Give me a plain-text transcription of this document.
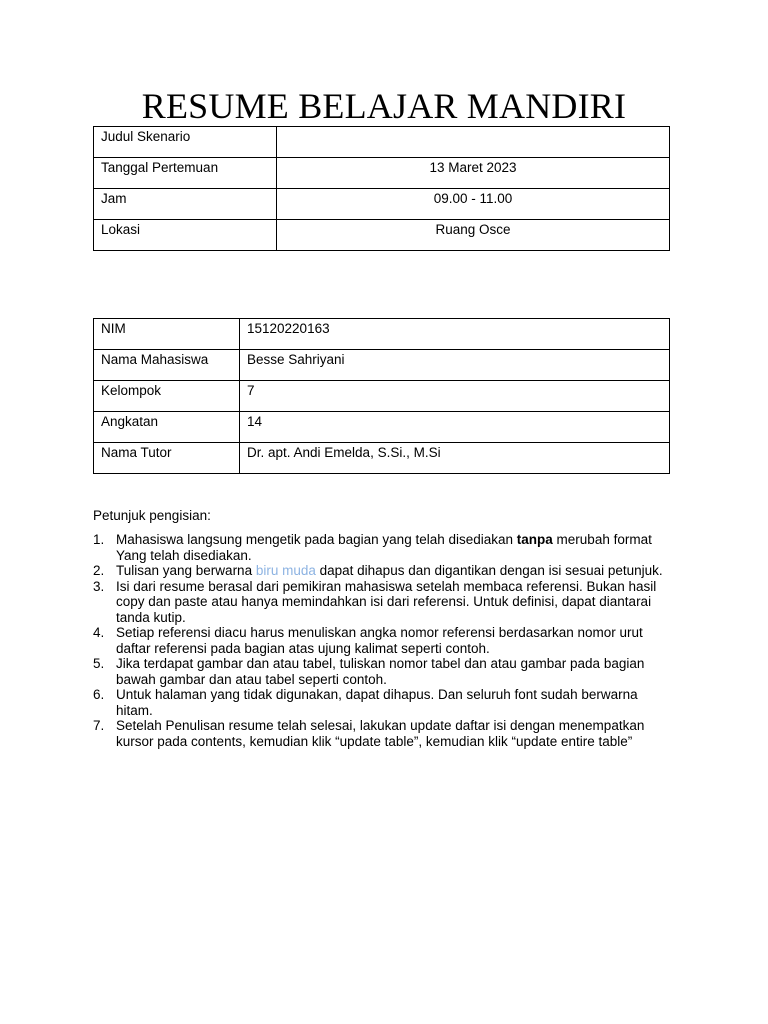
RESUME BELAJAR MANDIRI
Judul Skenario	
Tanggal Pertemuan	13 Maret 2023
Jam	09.00 - 11.00
Lokasi	Ruang Osce
NIM	15120220163
Nama Mahasiswa	Besse Sahriyani
Kelompok	7
Angkatan	14
Nama Tutor	Dr. apt. Andi Emelda, S.Si., M.Si
Petunjuk pengisian:
1. Mahasiswa langsung mengetik pada bagian yang telah disediakan tanpa merubah format Yang telah disediakan.
2. Tulisan yang berwarna biru muda dapat dihapus dan digantikan dengan isi sesuai petunjuk.
3. Isi dari resume berasal dari pemikiran mahasiswa setelah membaca referensi. Bukan hasil copy dan paste atau hanya memindahkan isi dari referensi. Untuk definisi, dapat diantarai tanda kutip.
4. Setiap referensi diacu harus menuliskan angka nomor referensi berdasarkan nomor urut daftar referensi pada bagian atas ujung kalimat seperti contoh.
5. Jika terdapat gambar dan atau tabel, tuliskan nomor tabel dan atau gambar pada bagian bawah gambar dan atau tabel seperti contoh.
6. Untuk halaman yang tidak digunakan, dapat dihapus. Dan seluruh font sudah berwarna hitam.
7. Setelah Penulisan resume telah selesai, lakukan update daftar isi dengan menempatkan kursor pada contents, kemudian klik “update table”, kemudian klik “update entire table”
